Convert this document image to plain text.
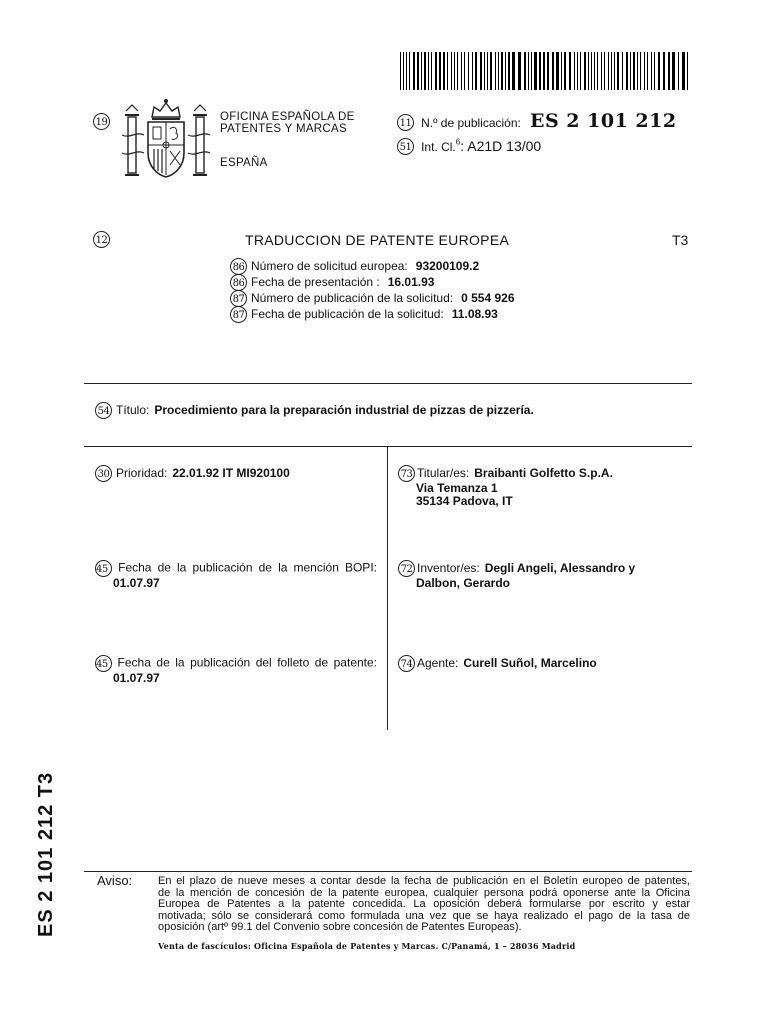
19	OFICINA ESPAÑOLA DE
PATENTES Y MARCAS
ESPAÑA
11 N.º de publicación: ES 2 101 212
51 Int. Cl.$^6$: A21D 13/00
12	TRADUCCION DE PATENTE EUROPEA	T3
86 Número de solicitud europea: 93200109.2
86 Fecha de presentación : 16.01.93
87 Número de publicación de la solicitud: 0 554 926
87 Fecha de publicación de la solicitud: 11.08.93
54 Título: Procedimiento para la preparación industrial de pizzas de pizzería.
30 Prioridad: 22.01.92 IT MI920100
45 Fecha de la publicación de la mención BOPI:
01.07.97
45 Fecha de la publicación del folleto de patente:
01.07.97
73 Titular/es: Braibanti Golfetto S.p.A.
Via Temanza 1
35134 Padova, IT
72 Inventor/es: Degli Angeli, Alessandro y
Dalbon, Gerardo
74 Agente: Curell Suñol, Marcelino
ES 2 101 212 T3	Aviso: En el plazo de nueve meses a contar desde la fecha de publicación en el Boletín europeo de patentes,
de la mención de concesión de la patente europea, cualquier persona podrá oponerse ante la Oficina
Europea de Patentes a la patente concedida. La oposición deberá formularse por escrito y estar
motivada; sólo se considerará como formulada una vez que se haya realizado el pago de la tasa de
oposición (artº 99.1 del Convenio sobre concesión de Patentes Europeas).
Venta de fascículos: Oficina Española de Patentes y Marcas. C/Panamá, 1 – 28036 Madrid
